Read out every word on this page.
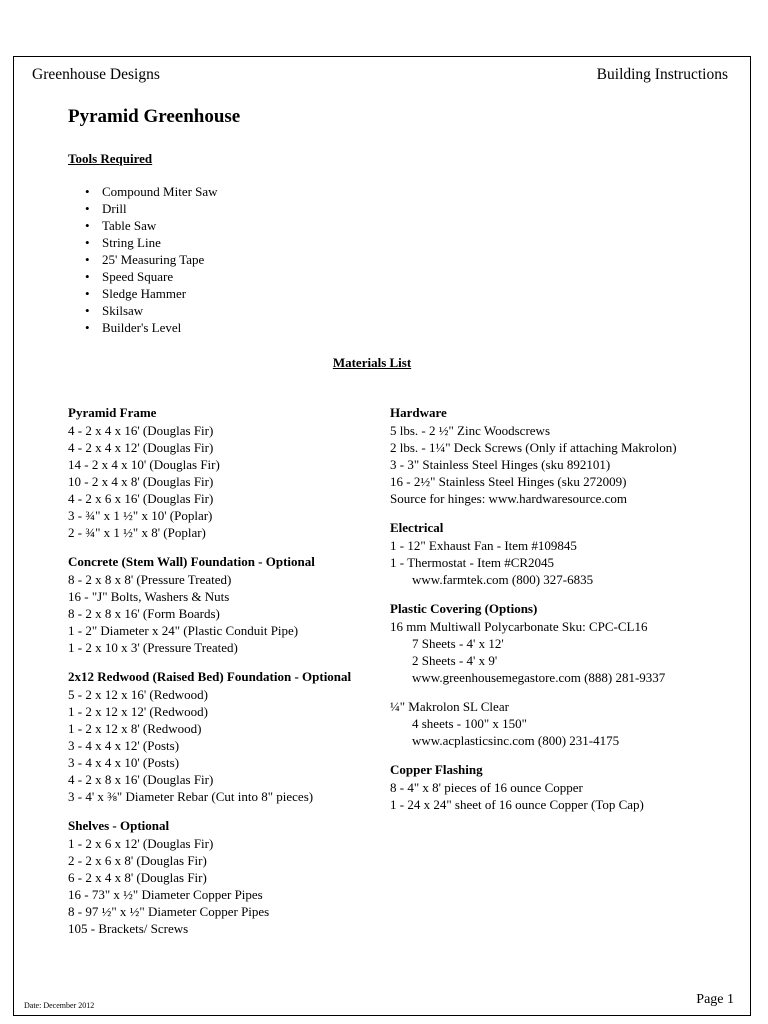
Greenhouse Designs	Building Instructions
Pyramid Greenhouse
Tools Required
• Compound Miter Saw
• Drill
• Table Saw
• String Line
• 25' Measuring Tape
• Speed Square
• Sledge Hammer
• Skilsaw
• Builder's Level
Materials List
Pyramid Frame
4 - 2 x 4 x 16' (Douglas Fir)
4 - 2 x 4 x 12' (Douglas Fir)
14 - 2 x 4 x 10' (Douglas Fir)
10 - 2 x 4 x 8' (Douglas Fir)
4 - 2 x 6 x 16' (Douglas Fir)
3 - ¾" x 1 ½" x 10' (Poplar)
2 - ¾" x 1 ½" x 8' (Poplar)
Concrete (Stem Wall) Foundation - Optional
8 - 2 x 8 x 8' (Pressure Treated)
16 - "J" Bolts, Washers & Nuts
8 - 2 x 8 x 16' (Form Boards)
1 - 2" Diameter x 24" (Plastic Conduit Pipe)
1 - 2 x 10 x 3' (Pressure Treated)
2x12 Redwood (Raised Bed) Foundation - Optional
5 - 2 x 12 x 16' (Redwood)
1 - 2 x 12 x 12' (Redwood)
1 - 2 x 12 x 8' (Redwood)
3 - 4 x 4 x 12' (Posts)
3 - 4 x 4 x 10' (Posts)
4 - 2 x 8 x 16' (Douglas Fir)
3 - 4' x ⅜" Diameter Rebar (Cut into 8" pieces)
Shelves - Optional
1 - 2 x 6 x 12' (Douglas Fir)
2 - 2 x 6 x 8' (Douglas Fir)
6 - 2 x 4 x 8' (Douglas Fir)
16 - 73" x ½" Diameter Copper Pipes
8 - 97 ½" x ½" Diameter Copper Pipes
105 - Brackets/ Screws
Hardware
5 lbs. - 2 ½" Zinc Woodscrews
2 lbs. - 1¼" Deck Screws (Only if attaching Makrolon)
3 - 3" Stainless Steel Hinges (sku 892101)
16 - 2½" Stainless Steel Hinges (sku 272009)
Source for hinges: www.hardwaresource.com
Electrical
1 - 12" Exhaust Fan - Item #109845
1 - Thermostat - Item #CR2045
www.farmtek.com (800) 327-6835
Plastic Covering (Options)
16 mm Multiwall Polycarbonate Sku: CPC-CL16
7 Sheets - 4' x 12'
2 Sheets - 4' x 9'
www.greenhousemegastore.com (888) 281-9337
¼" Makrolon SL Clear
4 sheets - 100" x 150"
www.acplasticsinc.com (800) 231-4175
Copper Flashing
8 - 4" x 8' pieces of 16 ounce Copper
1 - 24 x 24" sheet of 16 ounce Copper (Top Cap)
Date: December 2012	Page 1
